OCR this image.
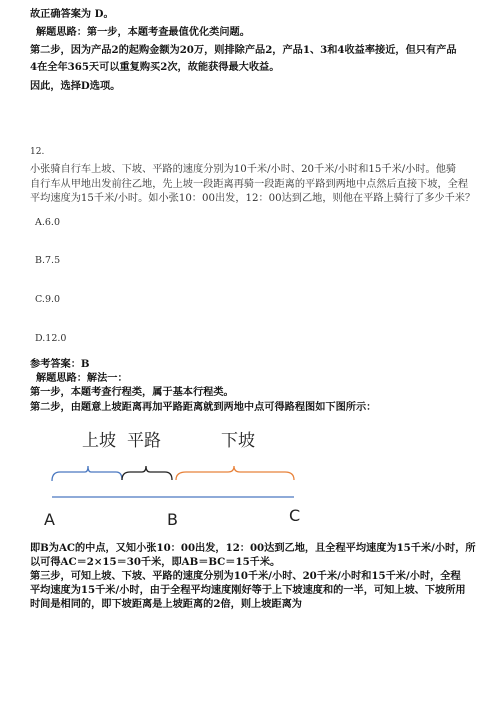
故正确答案为 D。
解题思路：第一步，本题考查最值优化类问题。
第二步，因为产品2的起购金额为20万，则排除产品2，产品1、3和4收益率接近，但只有产品
4在全年365天可以重复购买2次，故能获得最大收益。
因此，选择D选项。
12.
小张骑自行车上坡、下坡、平路的速度分别为10千米/小时、20千米/小时和15千米/小时。他骑
自行车从甲地出发前往乙地，先上坡一段距离再骑一段距离的平路到两地中点然后直接下坡，全程
平均速度为15千米/小时。如小张10：00出发，12：00达到乙地，则他在平路上骑行了多少千米？
A.6.0
B.7.5
C.9.0
D.12.0
参考答案：B
解题思路：解法一：
第一步，本题考查行程类，属于基本行程类。
第二步，由题意上坡距离再加平路距离就到两地中点可得路程图如下图所示：
上坡 平路	下坡
A	B	C
即B为AC的中点，又知小张10：00出发，12：00达到乙地，且全程平均速度为15千米/小时，所
以可得AC＝2×15＝30千米，即AB＝BC＝15千米。
第三步，可知上坡、下坡、平路的速度分别为10千米/小时、20千米/小时和15千米/小时，全程
平均速度为15千米/小时，由于全程平均速度刚好等于上下坡速度和的一半，可知上坡、下坡所用
时间是相同的，即下坡距离是上坡距离的2倍，则上坡距离为
